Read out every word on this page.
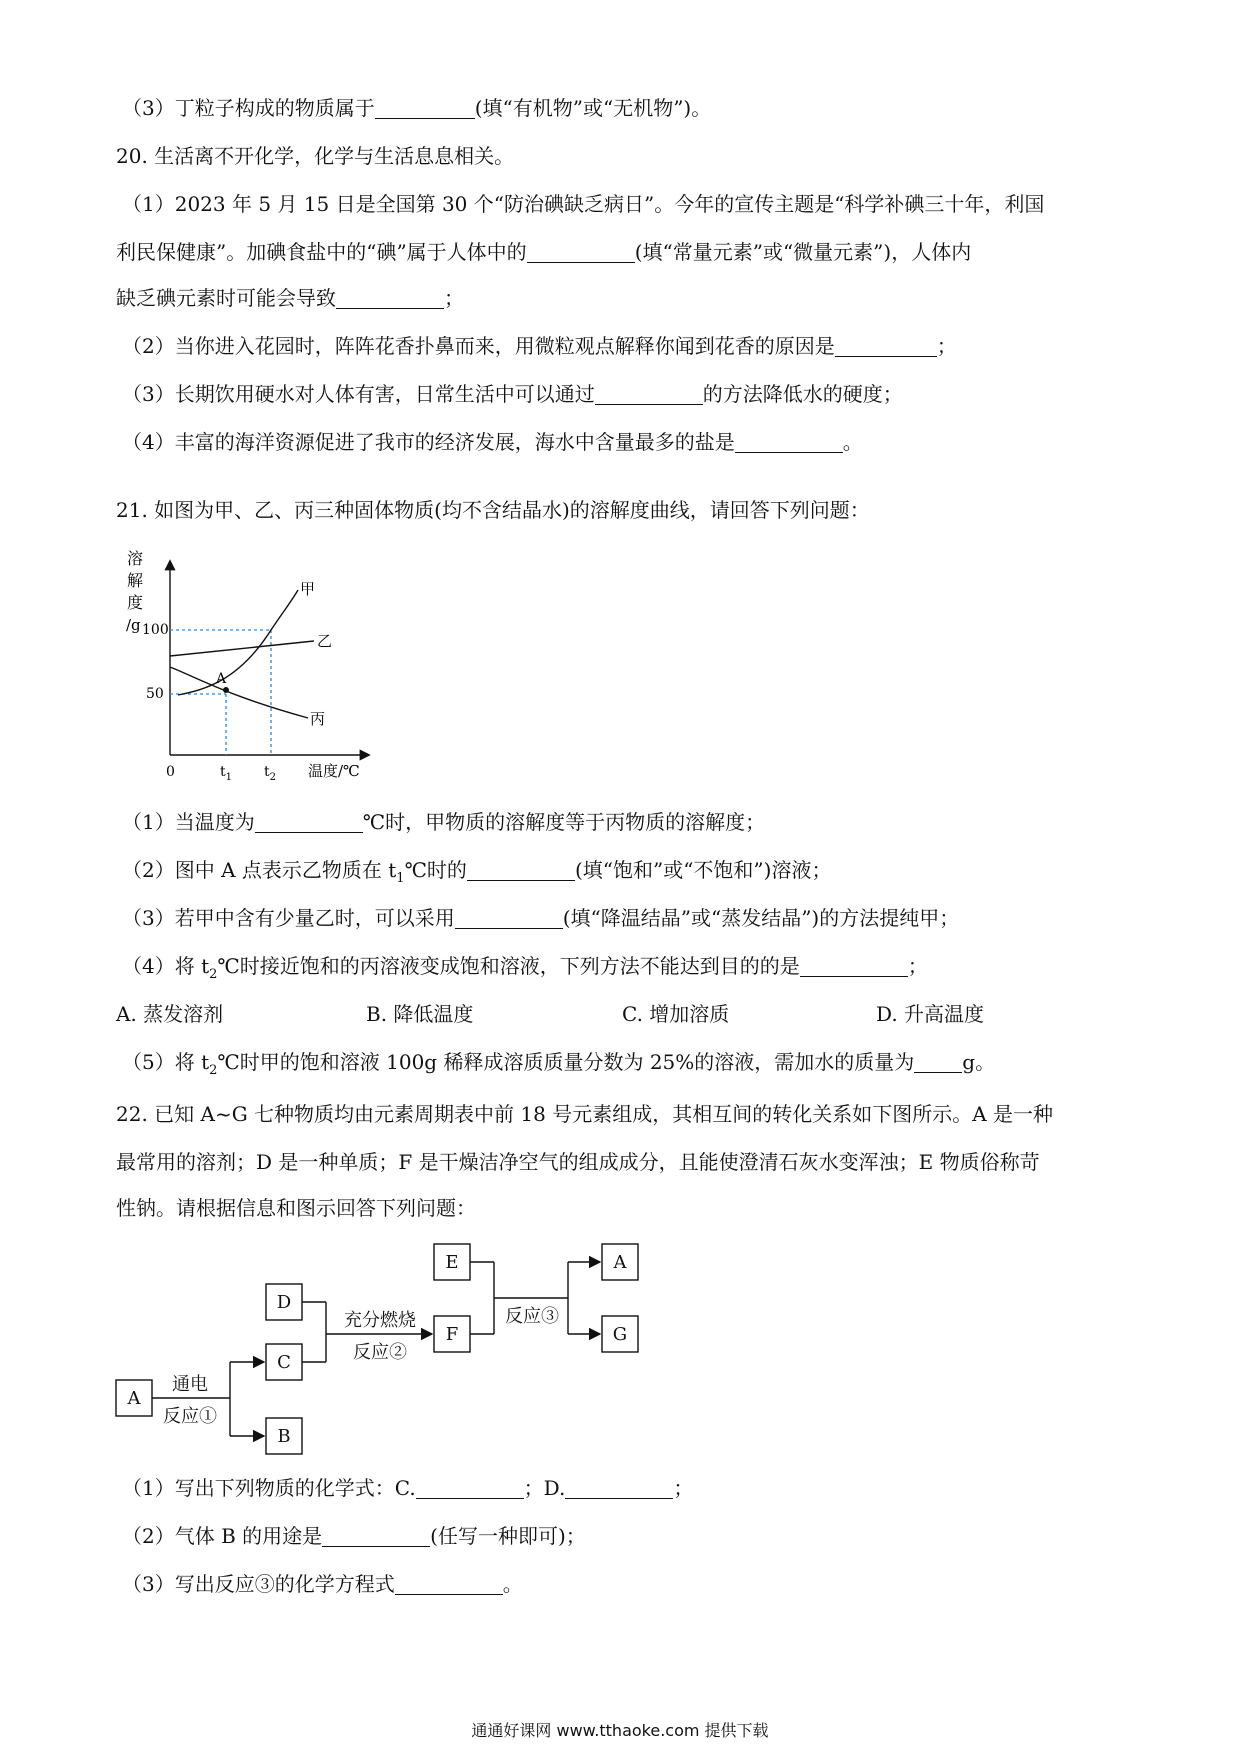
（3）丁粒子构成的物质属于	(填“有机物”或“无机物”)。
20. 生活离不开化学，化学与生活息息相关。
（1）2023 年 5 月 15 日是全国第 30 个“防治碘缺乏病日”。今年的宣传主题是“科学补碘三十年，利国
利民保健康”。加碘食盐中的“碘”属于人体中的	(填“常量元素”或“微量元素”)，人体内
缺乏碘元素时可能会导致	；
（2）当你进入花园时，阵阵花香扑鼻而来，用微粒观点解释你闻到花香的原因是	；
（3）长期饮用硬水对人体有害，日常生活中可以通过	的方法降低水的硬度；
（4）丰富的海洋资源促进了我市的经济发展，海水中含量最多的盐是	。
21. 如图为甲、乙、丙三种固体物质(均不含结晶水)的溶解度曲线，请回答下列问题：
溶
解
度
/g 100
50
A
甲
乙
丙
0	$t_1$ $t_2$ 温度/℃
（1）当温度为	℃时，甲物质的溶解度等于丙物质的溶解度；
（2）图中 A 点表示乙物质在 $t_1℃$时的	(填“饱和”或“不饱和”)溶液；
（3）若甲中含有少量乙时，可以采用	(填“降温结晶”或“蒸发结晶”)的方法提纯甲；
（4）将 $t_2℃$时接近饱和的丙溶液变成饱和溶液，下列方法不能达到目的的是	；
A. 蒸发溶剂	B. 降低温度	C. 增加溶质	D. 升高温度
（5）将 $t_2℃$时甲的饱和溶液 100g 稀释成溶质质量分数为 25%的溶液，需加水的质量为 g。
22. 已知 A~G 七种物质均由元素周期表中前 18 号元素组成，其相互间的转化关系如下图所示。A 是一种
最常用的溶剂；D 是一种单质；F 是干燥洁净空气的组成成分，且能使澄清石灰水变浑浊；E 物质俗称苛
性钠。请根据信息和图示回答下列问题：
A
B
C
D
E
F
A
G
通电
反应①
充分燃烧
反应②
反应③
（1）写出下列物质的化学式：C.	；D.	；
（2）气体 B 的用途是	(任写一种即可)；
（3）写出反应③的化学方程式	。
通通好课网 www.tthaoke.com 提供下载
